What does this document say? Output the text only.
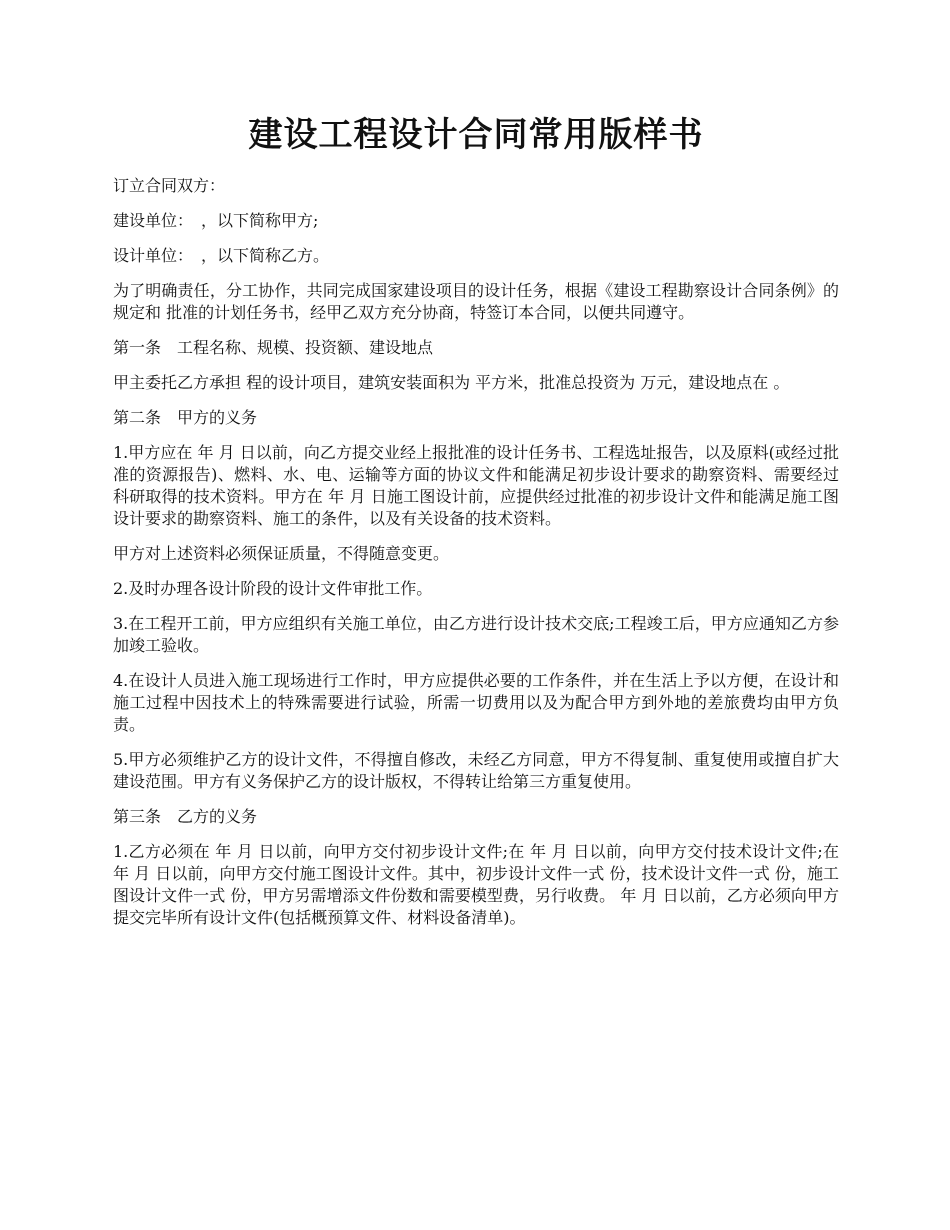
建设工程设计合同常用版样书

订立合同双方：

建设单位：　，以下简称甲方;

设计单位：　，以下简称乙方。

为了明确责任，分工协作，共同完成国家建设项目的设计任务，根据《建设工程勘察设计合同条例》的规定和 批准的计划任务书，经甲乙双方充分协商，特签订本合同，以便共同遵守。

第一条　工程名称、规模、投资额、建设地点

甲主委托乙方承担 程的设计项目，建筑安装面积为 平方米，批准总投资为 万元，建设地点在 。

第二条　甲方的义务

1.甲方应在 年 月 日以前，向乙方提交业经上报批准的设计任务书、工程选址报告，以及原料(或经过批准的资源报告)、燃料、水、电、运输等方面的协议文件和能满足初步设计要求的勘察资料、需要经过科研取得的技术资料。甲方在 年 月 日施工图设计前，应提供经过批准的初步设计文件和能满足施工图设计要求的勘察资料、施工的条件，以及有关设备的技术资料。

甲方对上述资料必须保证质量，不得随意变更。

2.及时办理各设计阶段的设计文件审批工作。

3.在工程开工前，甲方应组织有关施工单位，由乙方进行设计技术交底;工程竣工后，甲方应通知乙方参加竣工验收。

4.在设计人员进入施工现场进行工作时，甲方应提供必要的工作条件，并在生活上予以方便，在设计和施工过程中因技术上的特殊需要进行试验，所需一切费用以及为配合甲方到外地的差旅费均由甲方负责。

5.甲方必须维护乙方的设计文件，不得擅自修改，未经乙方同意，甲方不得复制、重复使用或擅自扩大建设范围。甲方有义务保护乙方的设计版权，不得转让给第三方重复使用。

第三条　乙方的义务

1.乙方必须在 年 月 日以前，向甲方交付初步设计文件;在 年 月 日以前，向甲方交付技术设计文件;在 年 月 日以前，向甲方交付施工图设计文件。其中，初步设计文件一式 份，技术设计文件一式 份，施工图设计文件一式 份，甲方另需增添文件份数和需要模型费，另行收费。 年 月 日以前，乙方必须向甲方提交完毕所有设计文件(包括概预算文件、材料设备清单)。
